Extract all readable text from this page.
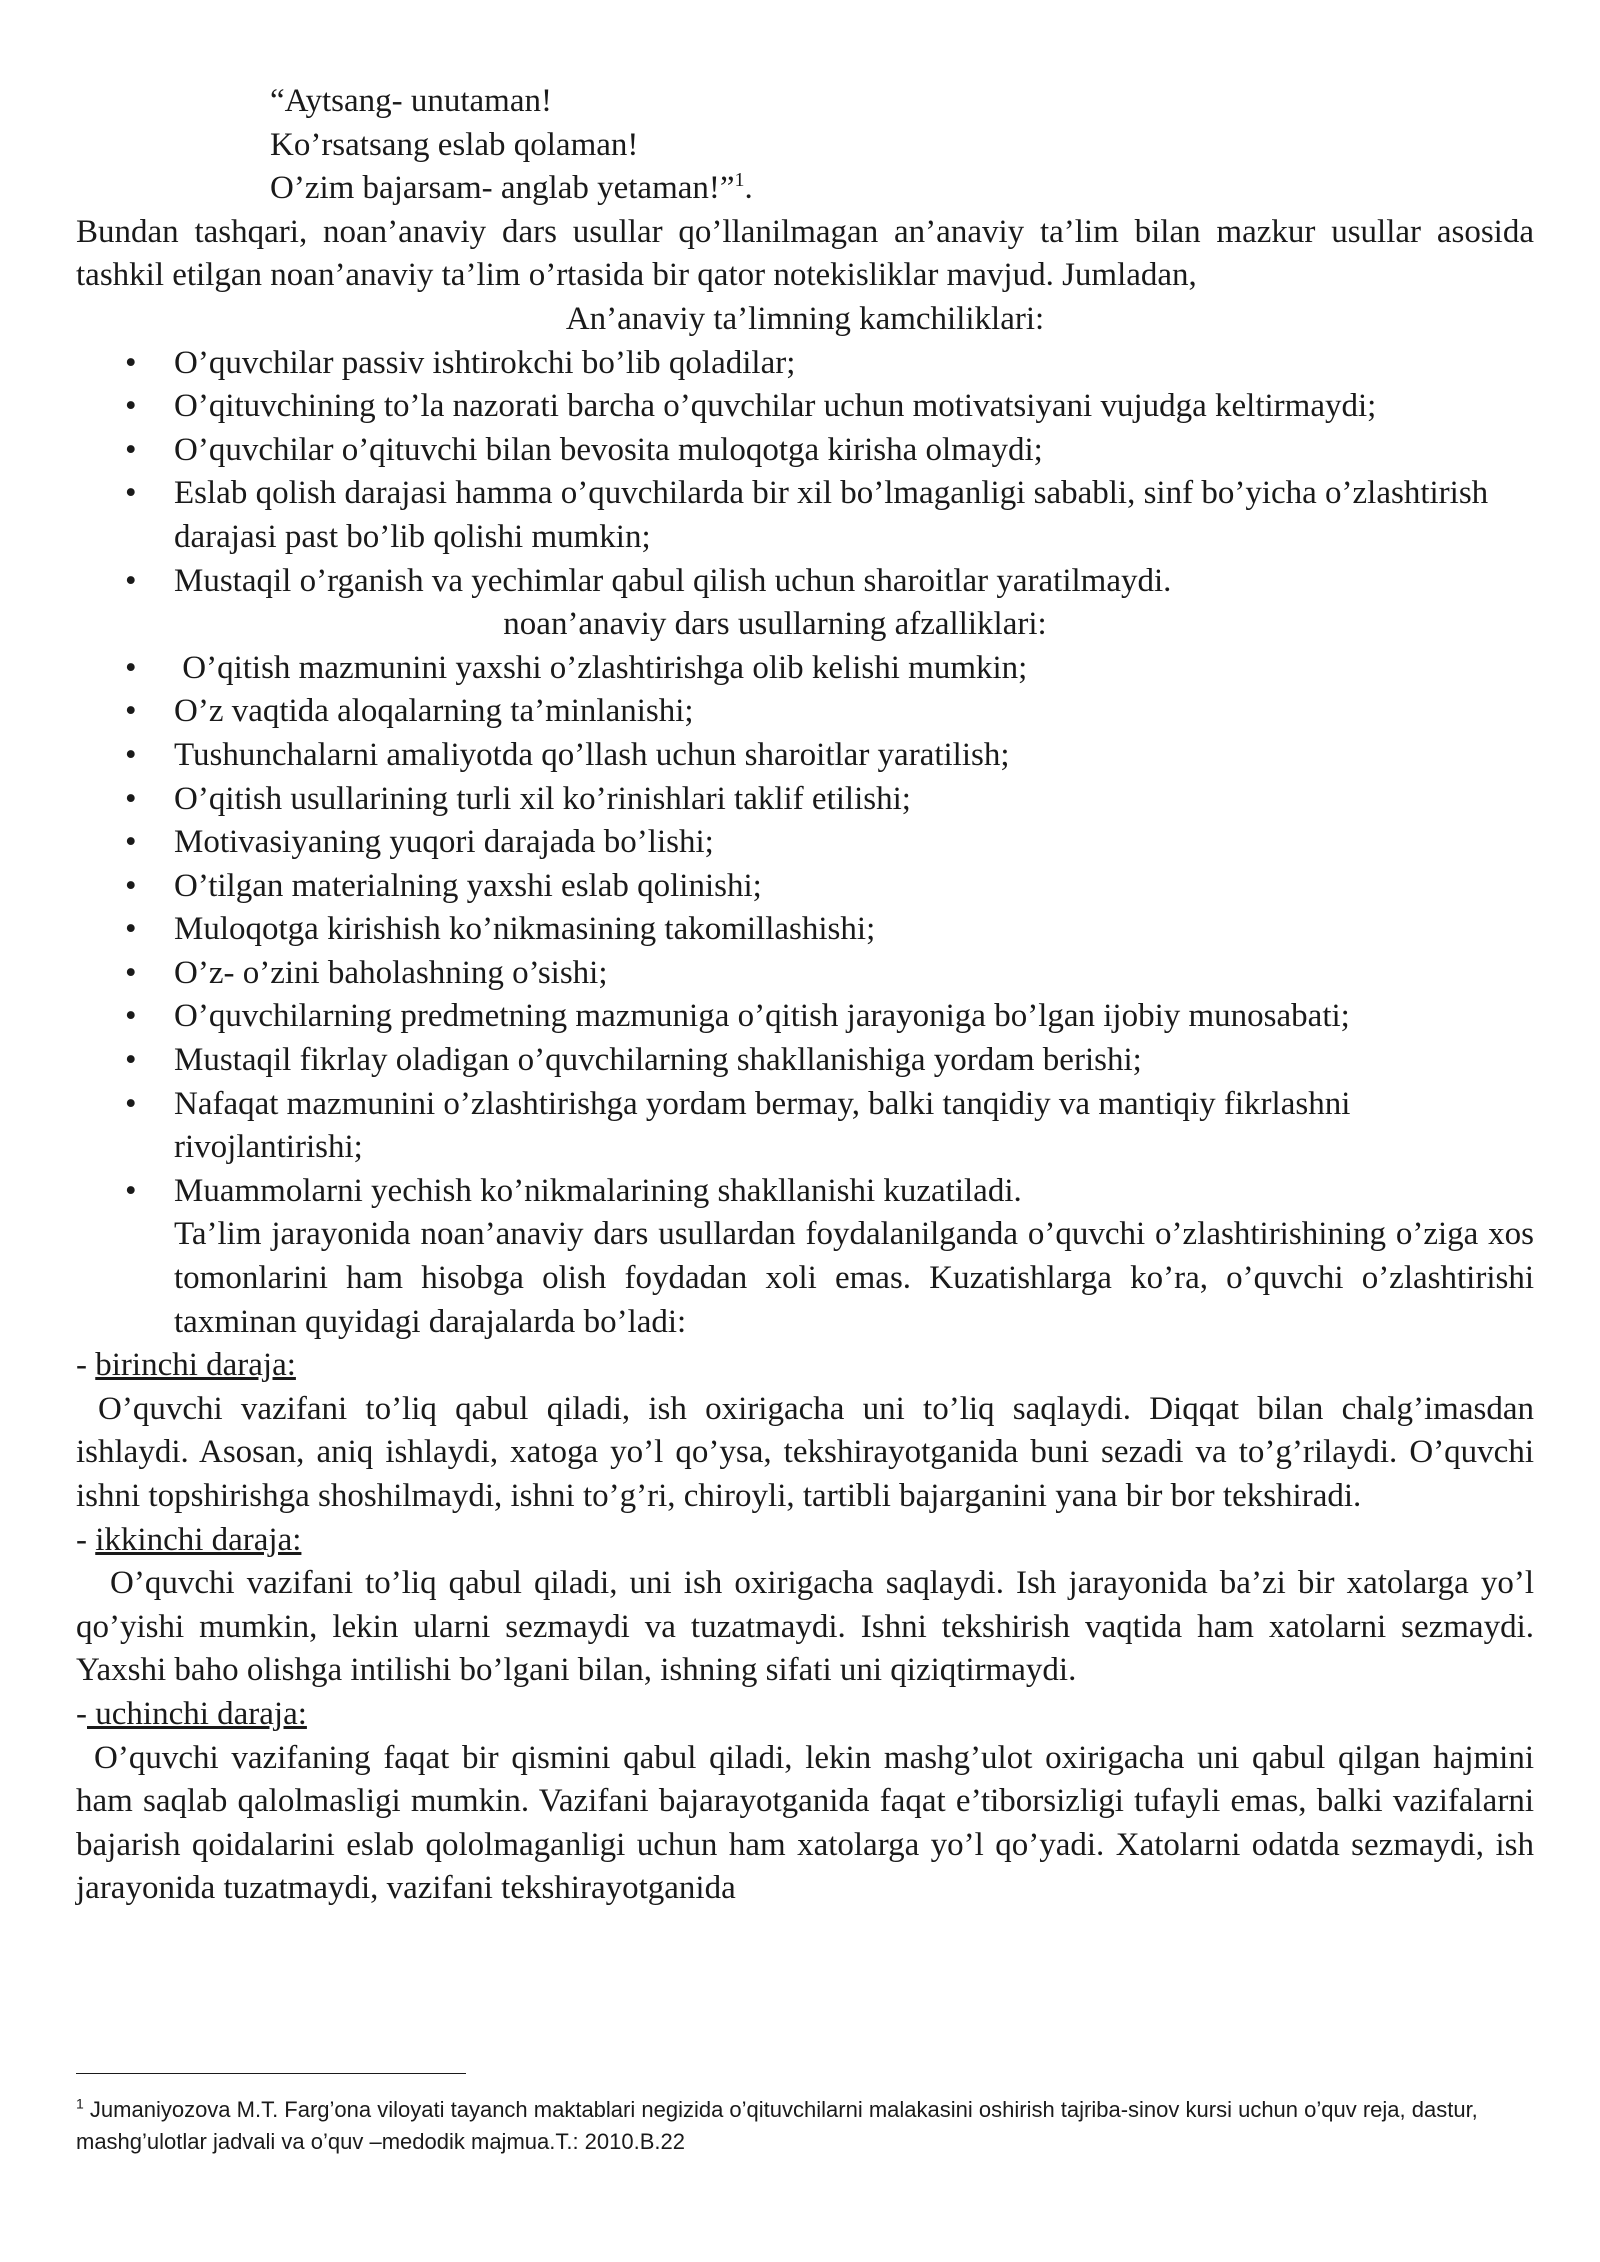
“Aytsang- unutaman!
Ko’rsatsang eslab qolaman!
O’zim bajarsam- anglab yetaman!”$^1$.

Bundan tashqari, noan’anaviy dars usullar qo’llanilmagan an’anaviy ta’lim bilan mazkur usullar asosida tashkil etilgan noan’anaviy ta’lim o’rtasida bir qator notekisliklar mavjud. Jumladan,

An’anaviy ta’limning kamchiliklari:

• O’quvchilar passiv ishtirokchi bo’lib qoladilar;
• O’qituvchining to’la nazorati barcha o’quvchilar uchun motivatsiyani vujudga keltirmaydi;
• O’quvchilar o’qituvchi bilan bevosita muloqotga kirisha olmaydi;
• Eslab qolish darajasi hamma o’quvchilarda bir xil bo’lmaganligi sababli, sinf bo’yicha o’zlashtirish darajasi past bo’lib qolishi mumkin;
• Mustaqil o’rganish va yechimlar qabul qilish uchun sharoitlar yaratilmaydi.

noan’anaviy dars usullarning afzalliklari:

•  O’qitish mazmunini yaxshi o’zlashtirishga olib kelishi mumkin;
• O’z vaqtida aloqalarning ta’minlanishi;
• Tushunchalarni amaliyotda qo’llash uchun sharoitlar yaratilish;
• O’qitish usullarining turli xil ko’rinishlari taklif etilishi;
• Motivasiyaning yuqori darajada bo’lishi;
• O’tilgan materialning yaxshi eslab qolinishi;
• Muloqotga kirishish ko’nikmasining takomillashishi;
• O’z- o’zini baholashning o’sishi;
• O’quvchilarning predmetning mazmuniga o’qitish jarayoniga bo’lgan ijobiy munosabati;
• Mustaqil fikrlay oladigan o’quvchilarning shakllanishiga yordam berishi;
• Nafaqat mazmunini o’zlashtirishga yordam bermay, balki tanqidiy va mantiqiy fikrlashni rivojlantirishi;
• Muammolarni yechish ko’nikmalarining shakllanishi kuzatiladi.

Ta’lim jarayonida noan’anaviy dars usullardan foydalanilganda o’quvchi o’zlashtirishining o’ziga xos tomonlarini ham hisobga olish foydadan xoli emas. Kuzatishlarga ko’ra, o’quvchi o’zlashtirishi taxminan quyidagi darajalarda bo’ladi:

- birinchi daraja:

O’quvchi vazifani to’liq qabul qiladi, ish oxirigacha uni to’liq saqlaydi. Diqqat bilan chalg’imasdan ishlaydi. Asosan, aniq ishlaydi, xatoga yo’l qo’ysa, tekshirayotganida buni sezadi va to’g’rilaydi. O’quvchi ishni topshirishga shoshilmaydi, ishni to’g’ri, chiroyli, tartibli bajarganini yana bir bor tekshiradi.

- ikkinchi daraja:

O’quvchi vazifani to’liq qabul qiladi, uni ish oxirigacha saqlaydi. Ish jarayonida ba’zi bir xatolarga yo’l qo’yishi mumkin, lekin ularni sezmaydi va tuzatmaydi. Ishni tekshirish vaqtida ham xatolarni sezmaydi. Yaxshi baho olishga intilishi bo’lgani bilan, ishning sifati uni qiziqtirmaydi.

- uchinchi daraja:

O’quvchi vazifaning faqat bir qismini qabul qiladi, lekin mashg’ulot oxirigacha uni qabul qilgan hajmini ham saqlab qalolmasligi mumkin. Vazifani bajarayotganida faqat e’tiborsizligi tufayli emas, balki vazifalarni bajarish qoidalarini eslab qololmaganligi uchun ham xatolarga yo’l qo’yadi. Xatolarni odatda sezmaydi, ish jarayonida tuzatmaydi, vazifani tekshirayotganida

$^1$ Jumaniyozova M.T. Farg’ona viloyati tayanch maktablari negizida o’qituvchilarni malakasini oshirish tajriba-sinov kursi uchun o’quv reja, dastur, mashg’ulotlar jadvali va o’quv –medodik majmua.T.: 2010.B.22
